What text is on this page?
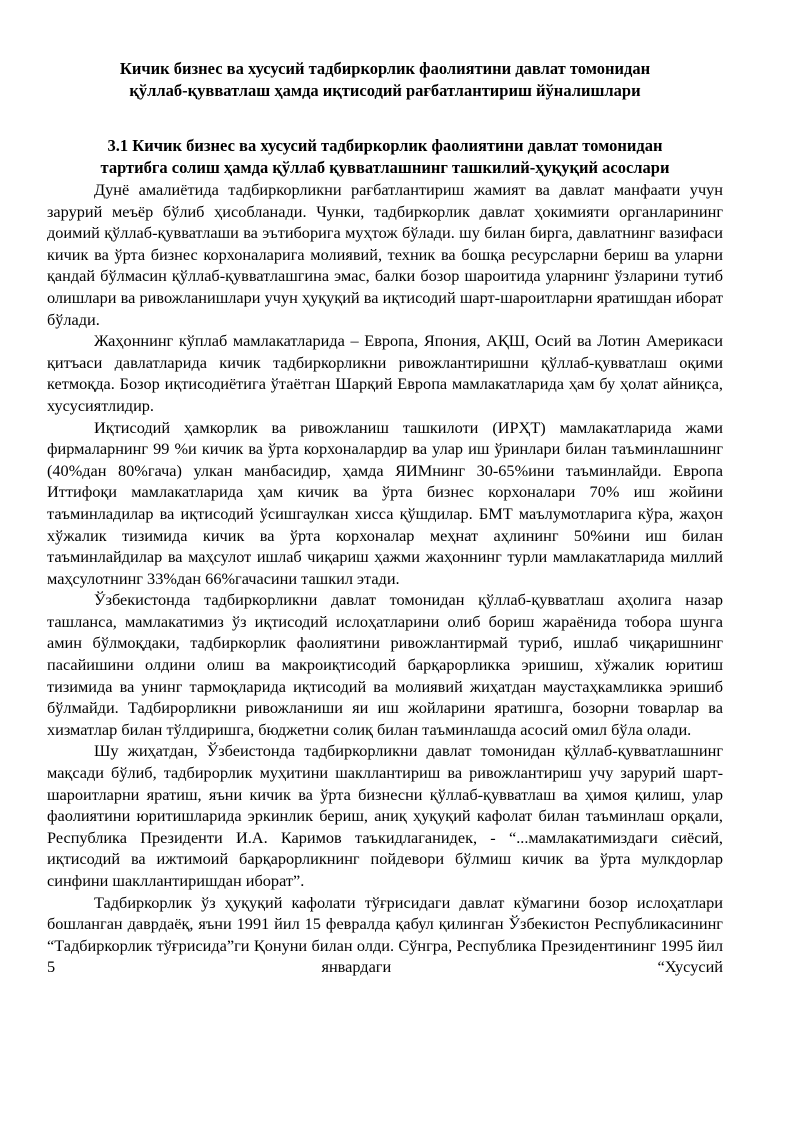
Кичик бизнес ва хусусий тадбиркорлик фаолиятини давлат томонидан
қўллаб-қувватлаш ҳамда иқтисодий рағбатлантириш йўналишлари
3.1 Кичик бизнес ва хусусий тадбиркорлик фаолиятини давлат томонидан
тартибга солиш ҳамда қўллаб қувватлашнинг ташкилий-ҳуқуқий асослари

Дунё амалиётида тадбиркорликни рағбатлантириш жамият ва давлат манфаати учун зарурий меъёр бўлиб ҳисобланади. Чунки, тадбиркорлик давлат ҳокимияти органларининг доимий қўллаб-қувватлаши ва эътиборига муҳтож бўлади. шу билан бирга, давлатнинг вазифаси кичик ва ўрта бизнес корхоналарига молиявий, техник ва бошқа ресурсларни бериш ва уларни қандай бўлмасин қўллаб-қувватлашгина эмас, балки бозор шароитида уларнинг ўзларини тутиб олишлари ва ривожланишлари учун ҳуқуқий ва иқтисодий шарт-шароитларни яратишдан иборат бўлади.

Жаҳоннинг кўплаб мамлакатларида – Европа, Япония, АҚШ, Осий ва Лотин Америкаси қитъаси давлатларида кичик тадбиркорликни ривожлантиришни қўллаб-қувватлаш оқими кетмоқда. Бозор иқтисодиётига ўтаётган Шарқий Европа мамлакатларида ҳам бу ҳолат айниқса, хусусиятлидир.

Иқтисодий ҳамкорлик ва ривожланиш ташкилоти (ИРҲТ) мамлакатларида жами фирмаларнинг 99 %и кичик ва ўрта корхоналардир ва улар иш ўринлари билан таъминлашнинг (40%дан 80%гача) улкан манбасидир, ҳамда ЯИМнинг 30-65%ини таъминлайди. Европа Иттифоқи мамлакатларида ҳам кичик ва ўрта бизнес корхонaлари 70% иш жойини таъминладилар ва иқтисодий ўсишгаулкан хисса қўшдилар. БМТ маълумотларига кўра, жаҳон хўжалик тизимида кичик ва ўрта корхоналар меҳнат аҳлининг 50%ини иш билан таъминлайдилар ва маҳсулот ишлаб чиқариш ҳажми жаҳоннинг турли мамлакатларида миллий маҳсулотнинг 33%дан 66%гачасини ташкил этади.

Ўзбекистонда тадбиркорликни давлат томонидан қўллаб-қувватлаш аҳолига назар ташланса, мамлакатимиз ўз иқтисодий ислоҳатларини олиб бориш жараёнида тобора шунга амин бўлмоқдаки, тадбиркорлик фаолиятини ривожлантирмай туриб, ишлаб чиқаришнинг пасайишини олдини олиш ва макроиқтисодий барқарорликка эришиш, хўжалик юритиш тизимида ва унинг тармоқларида иқтисодий ва молиявий жиҳатдан маустаҳкамликка эришиб бўлмайди. Тадбирорликни ривожланиши яи иш жойларини яратишга, бозорни товарлар ва хизматлар билан тўлдиришга, бюджетни солиқ билан таъминлашда асосий омил бўла олади.

Шу жиҳатдан, Ўзбеистонда тадбиркорликни давлат томонидан қўллаб-қувватлашнинг мақсади бўлиб, тадбирорлик муҳитини шакллантириш ва ривожлантириш учу зарурий шарт-шароитларни яратиш, яъни кичик ва ўрта бизнесни қўллаб-қувватлаш ва ҳимоя қилиш, улар фаолиятини юритишларида эркинлик бериш, аниқ ҳуқуқий кафолат билан таъминлаш орқали, Республика Президенти И.А. Каримов таъкидлаганидек, - “...мамлакатимиздаги сиёсий, иқтисодий ва ижтимоий барқарорликнинг пойдевори бўлмиш кичик ва ўрта мулкдорлар синфини шакллантиришдан иборат”.

Тадбиркорлик ўз ҳуқуқий кафолати тўғрисидаги давлат кўмагини бозор ислоҳатлари бошланган даврдаёқ, яъни 1991 йил 15 февралда қабул қилинган Ўзбекистон Республикасининг “Тадбиркорлик тўғрисида”ги Қонуни билан олди. Сўнгра, Республика Президентининг 1995 йил 5 январдаги “Хусусий
